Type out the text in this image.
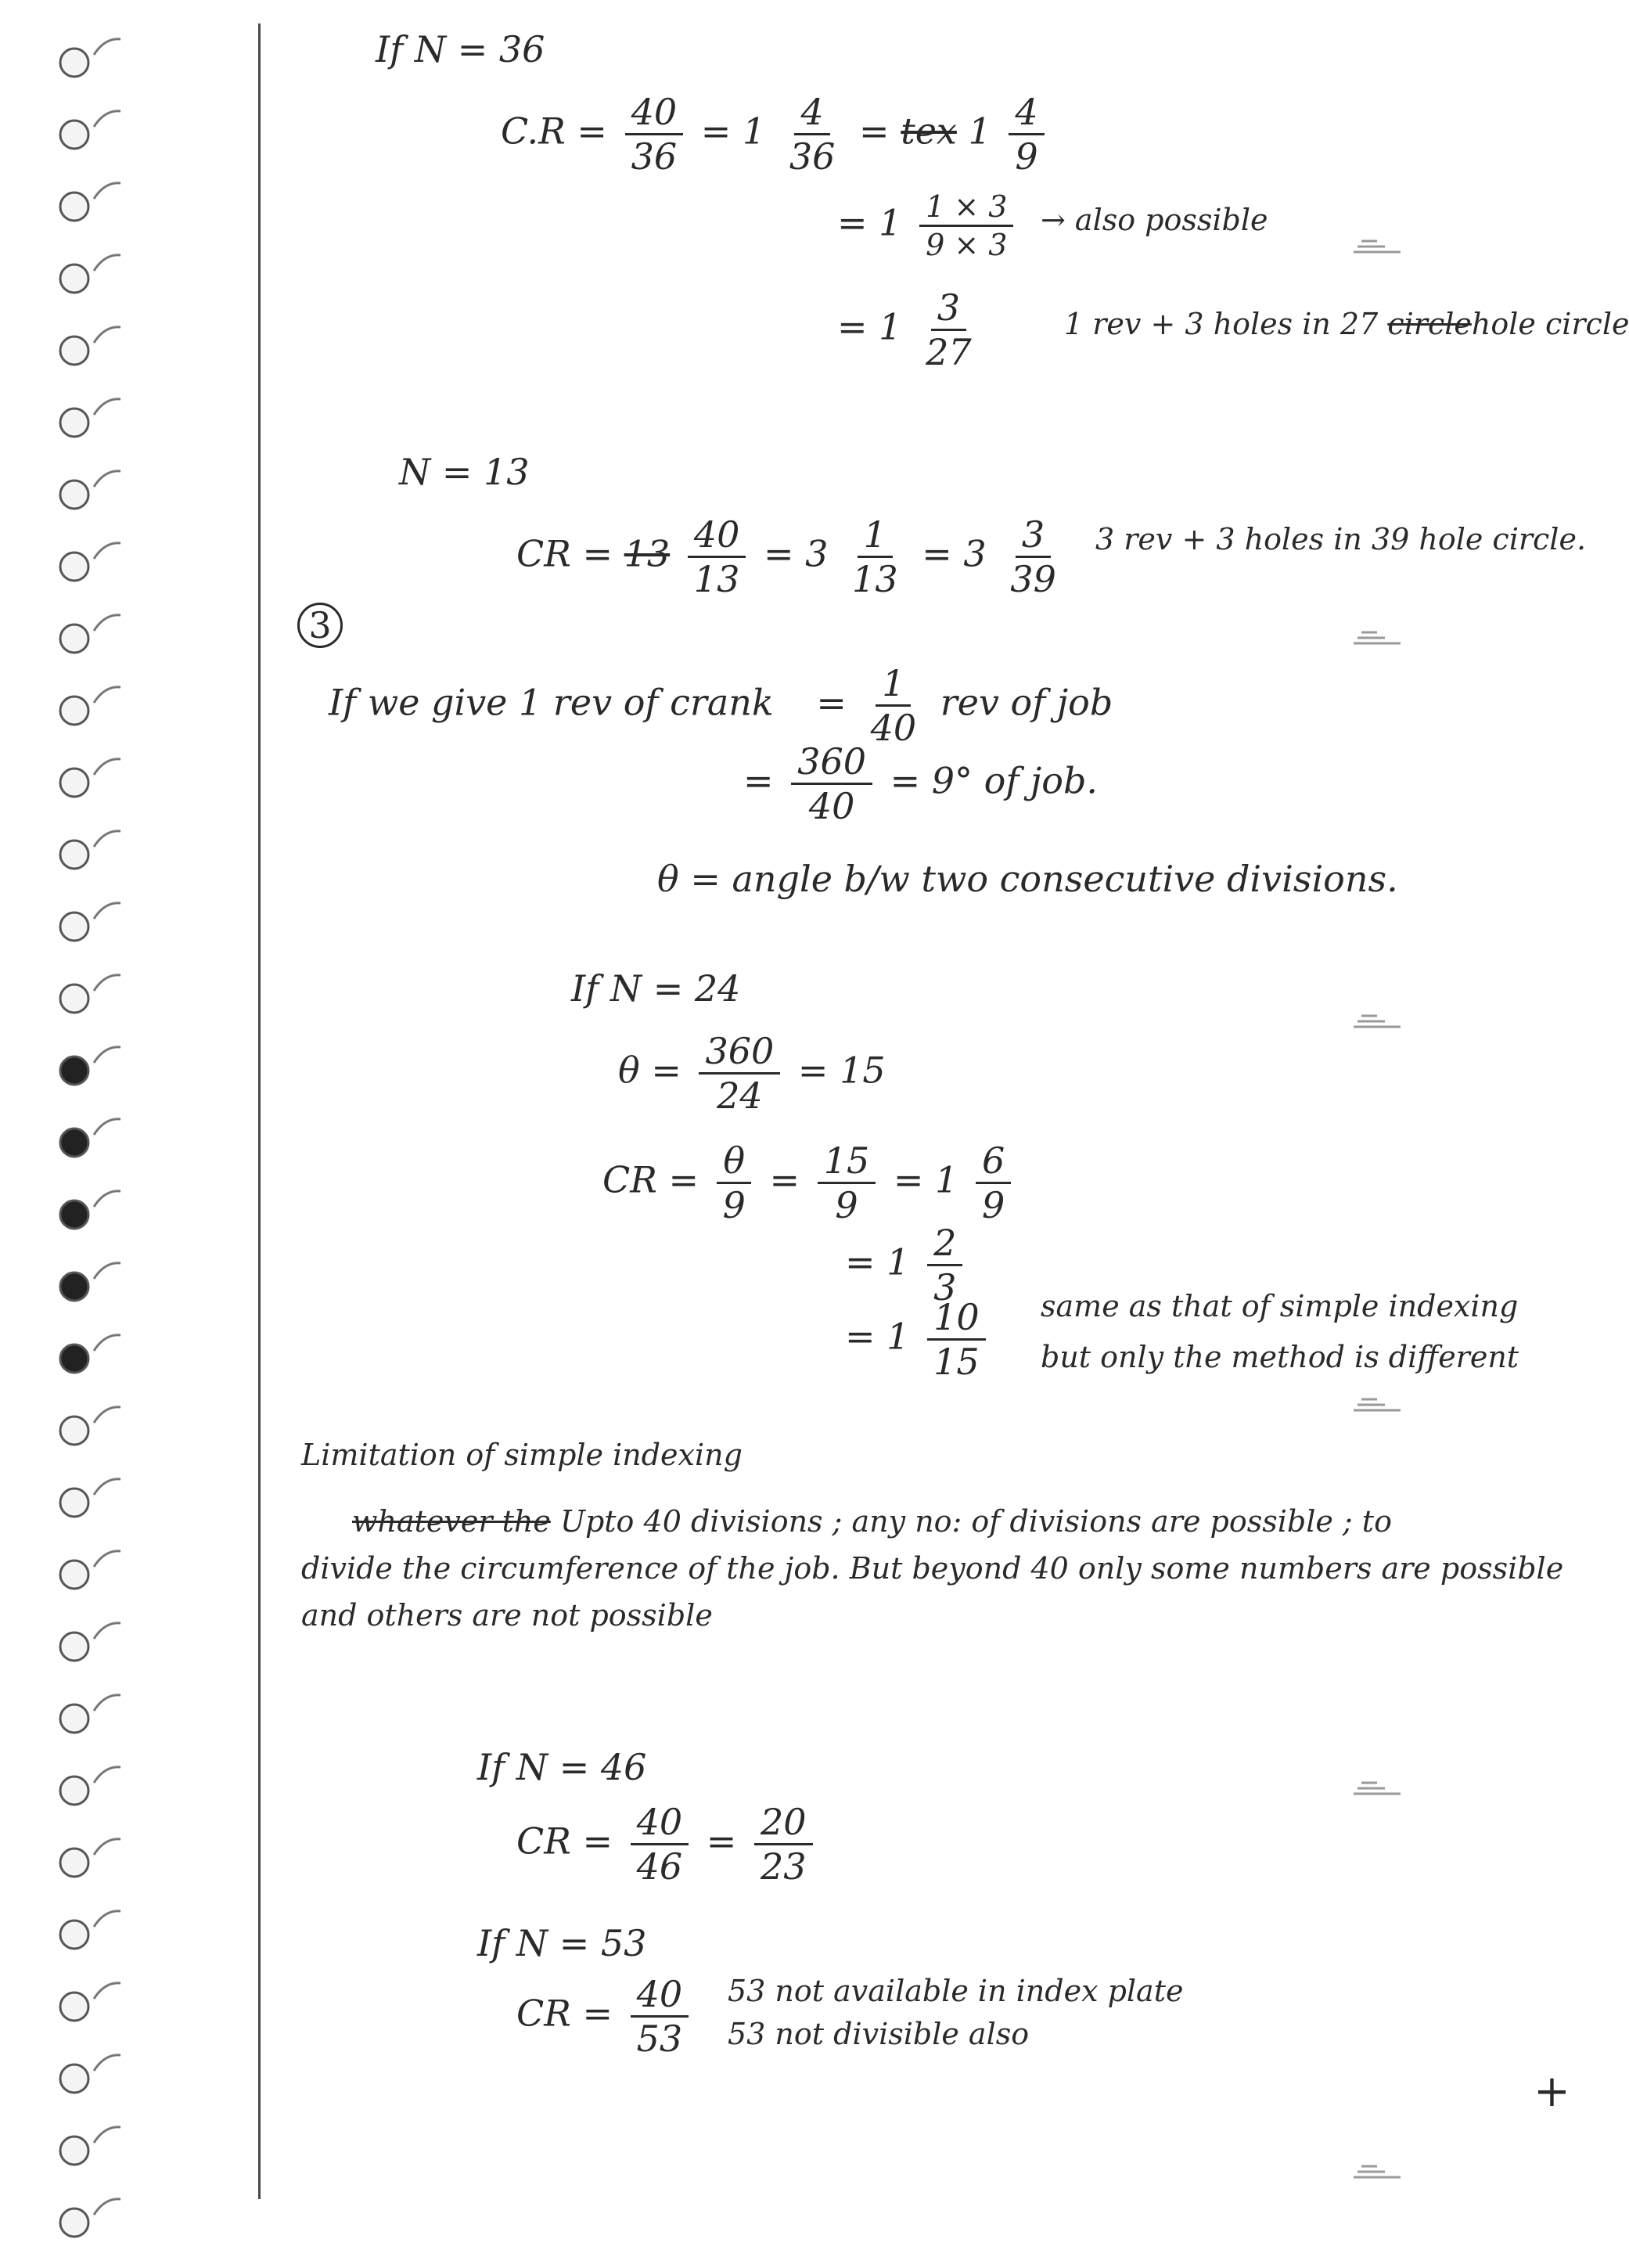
If N = 36
$C.R = \frac{40}{36} = 1 \frac{4}{36}$ = tex $1 \frac{4}{9}$
= $1 \frac{1 \times 3}{9 \times 3}$ → also possible
= $1 \frac{3}{27}$	1 rev + 3 holes in 27 circlehole circle
N = 13
CR = $13 \frac{40}{13} = 3 \frac{1}{13} = 3 \frac{3}{39} 3$ rev + 3 holes in 39 hole circle.
3
If we give 1 rev of crank = $\frac{1}{40}$ rev of job
= $\frac{360}{40} = 9^\circ$ of job.
θ = angle b/w two consecutive divisions.
If N = 24
$\theta = \frac{360}{24} = 15$
CR = $\frac{\theta}{9} = \frac{15}{9} = 1 \frac{6}{9}$
= $1 \frac{2}{3}$
= $1 \frac{10}{15}$ same as that of simple indexing
but only the method is different
Limitation of simple indexing
whatever the Upto 40 divisions ; any no: of divisions are possible ; to
divide the circumference of the job. But beyond 40 only some numbers are possible
and others are not possible
If N = 46
CR = $\frac{40}{46} = \frac{20}{23}$
If N = 53
CR = $\frac{40}{53} 53$ not available in index plate
53 not divisible also
+
